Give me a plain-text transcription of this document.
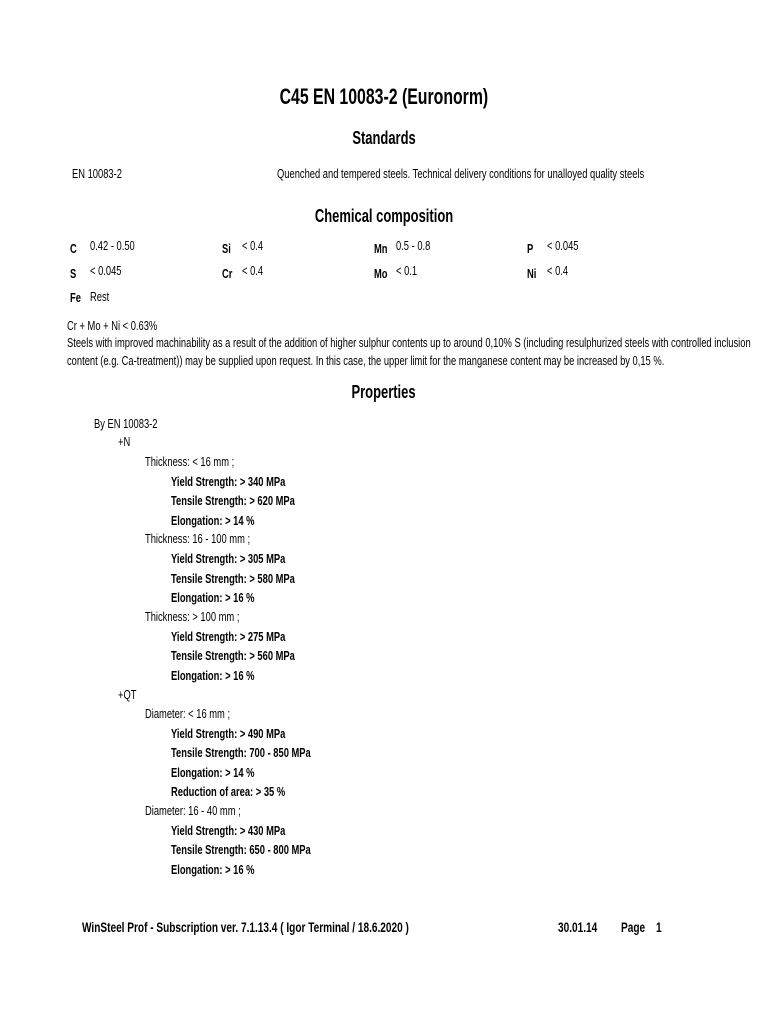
C45 EN 10083-2 (Euronorm)
Standards
EN 10083-2	Quenched and tempered steels. Technical delivery conditions for unalloyed quality steels
Chemical composition
C 0.42 - 0.50	Si < 0.4	Mn 0.5 - 0.8	P < 0.045
S < 0.045	Cr < 0.4	Mo < 0.1	Ni < 0.4
Fe Rest
Cr + Mo + Ni < 0.63%
Steels with improved machinability as a result of the addition of higher sulphur contents up to around 0,10% S (including resulphurized steels with controlled inclusion
content (e.g. Ca-treatment)) may be supplied upon request. In this case, the upper limit for the manganese content may be increased by 0,15 %.
Properties
By EN 10083-2
+N
Thickness: < 16 mm ;
Yield Strength: > 340 MPa
Tensile Strength: > 620 MPa
Elongation: > 14 %
Thickness: 16 - 100 mm ;
Yield Strength: > 305 MPa
Tensile Strength: > 580 MPa
Elongation: > 16 %
Thickness: > 100 mm ;
Yield Strength: > 275 MPa
Tensile Strength: > 560 MPa
Elongation: > 16 %
+QT
Diameter: < 16 mm ;
Yield Strength: > 490 MPa
Tensile Strength: 700 - 850 MPa
Elongation: > 14 %
Reduction of area: > 35 %
Diameter: 16 - 40 mm ;
Yield Strength: > 430 MPa
Tensile Strength: 650 - 800 MPa
Elongation: > 16 %
WinSteel Prof - Subscription ver. 7.1.13.4 ( Igor Terminal / 18.6.2020 )	30.01.14	Page 1
